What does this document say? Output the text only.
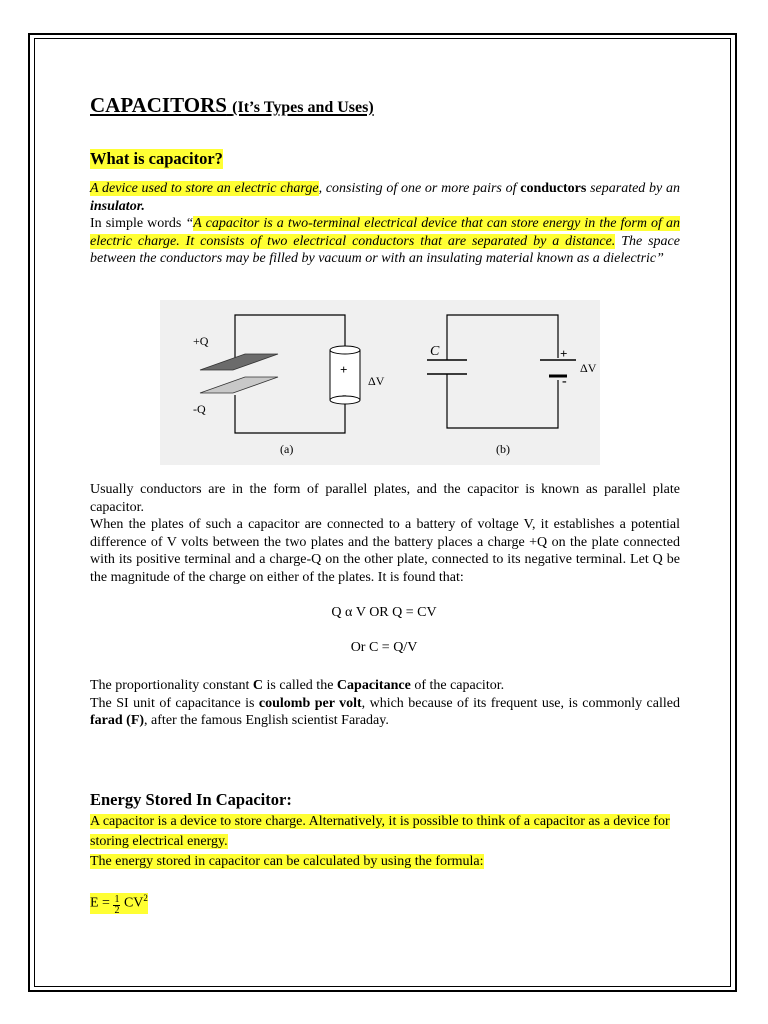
CAPACITORS (It’s Types and Uses)
What is capacitor?

A device used to store an electric charge, consisting of one or more pairs of conductors separated by an insulator.

In simple words “A capacitor is a two-terminal electrical device that can store energy in the form of an electric charge. It consists of two electrical conductors that are separated by a distance. The space between the conductors may be filled by vacuum or with an insulating material known as a dielectric”

+Q
-Q
+
-
ΔV
(a)
C	+
-
ΔV
(b)

Usually conductors are in the form of parallel plates, and the capacitor is known as parallel plate capacitor.

When the plates of such a capacitor are connected to a battery of voltage V, it establishes a potential difference of V volts between the two plates and the battery places a charge +Q on the plate connected with its positive terminal and a charge-Q on the other plate, connected to its negative terminal. Let Q be the magnitude of the charge on either of the plates. It is found that:

Q α V OR Q = CV
Or C = Q/V

The proportionality constant C is called the Capacitance of the capacitor.

The SI unit of capacitance is coulomb per volt, which because of its frequent use, is commonly called farad (F), after the famous English scientist Faraday.

Energy Stored In Capacitor:

A capacitor is a device to store charge. Alternatively, it is possible to think of a capacitor as a device for storing electrical energy.

The energy stored in capacitor can be calculated by using the formula:

$E = \frac{1}{2} CV^2$
